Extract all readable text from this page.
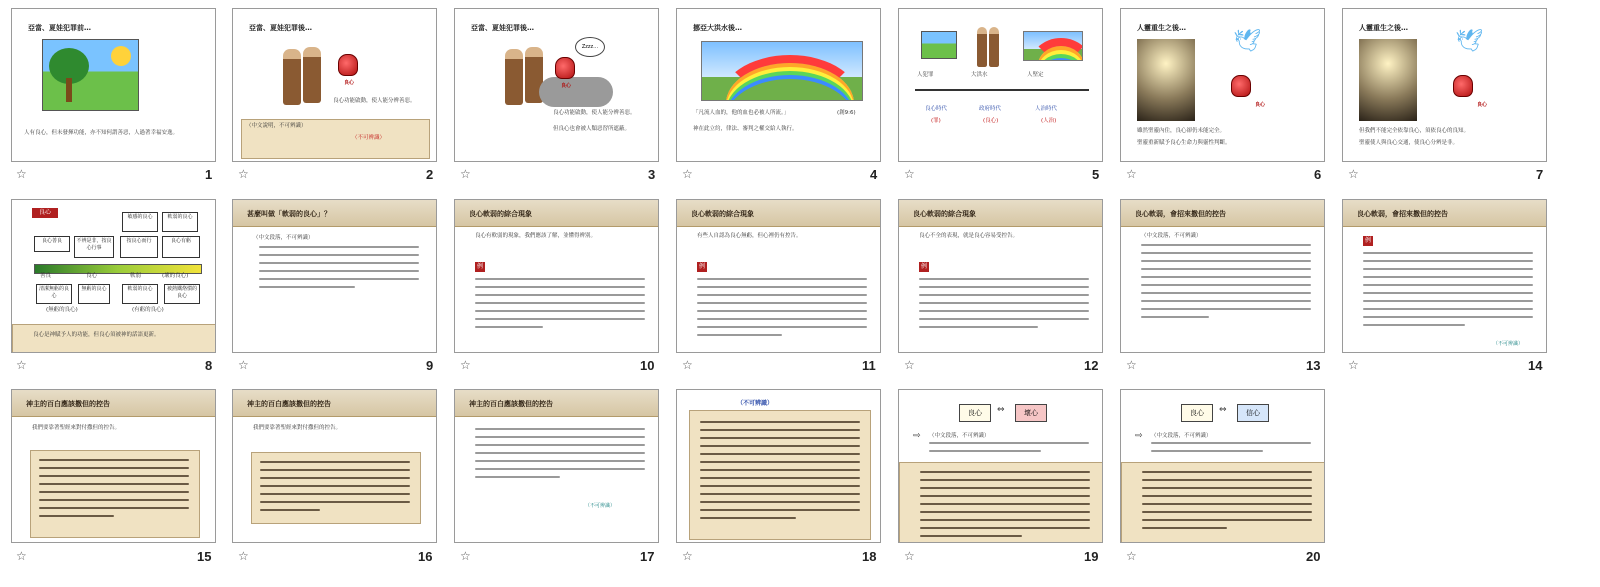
亞當、夏娃犯罪前…
人有良心，但未發揮功能，亦不知何謂善惡，人過著幸福安逸。
☆	1
亞當、夏娃犯罪後…
良心
良心功能啟動，使人能分辨善惡。
（中文說明，不可辨識）
（不可辨識）
☆	2
亞當、夏娃犯罪後…
良心
Zzzz…
良心功能啟動，使人能分辨善惡。
但良心也會被人類惡習所遮蔽。
☆	3
挪亞大洪水後…
「凡流人血的，他的血也必被人所流。」	(創9:6)
神在此立約，律法、審判之權交給人執行。
☆	4
人犯罪	大洪水	人堅定
良心時代	政府時代	人治時代
(罪)	(良心)	(人治)
☆	5
人靈重生之後…
🕊
良心
雖然聖靈內住，良心卻仍未能完全。
聖靈重新賦予良心生命力與靈性判斷。
☆	6
人靈重生之後…
🕊
良心
但我們不能完全依靠良心，須依良心的良知。
聖靈使人與良心交通，使良心分辨是非。
☆	7
良心
良心善良	不辨是非，按良心行事
按良心而行	良心有虧
敏感的良心	軟弱的良心
善良	良心	軟弱	(壞的良心)
清潔無虧的良心
無虧的良心	軟弱的良心	被熱鐵烙慣的良心
(無虧的良心)	(有虧的良心)
良心是神賦予人的功能，但良心須被神的話語更新。
☆	8
甚麼叫做「軟弱的良心」？
（中文段落，不可辨識）
☆	9
良心軟弱的綜合現象
良心有軟弱的現象，我們應該了解，並懂得辨別。
例
☆	10
良心軟弱的綜合現象
有些人自認為良心無虧，但心裡仍有控告。
例
☆	11
良心軟弱的綜合現象
良心不全的表現，就是良心容易受控告。
例
☆	12
良心軟弱，會招來撒但的控告
（中文段落，不可辨識）
☆	13
良心軟弱，會招來撒但的控告
例
（不可辨識）
☆	14
神主的百白應該撒但的控告
我們要靠著聖經來對付撒但的控告。
☆	15
神主的百白應該撒但的控告
我們要靠著聖經來對付撒但的控告。
☆	16
神主的百白應該撒但的控告
（不可辨識）
☆	17
（不可辨識）
☆	18
良心	⇔	壞心
⇨ （中文段落，不可辨識）
☆	19
良心	⇔	信心
⇨ （中文段落，不可辨識）
☆	20
